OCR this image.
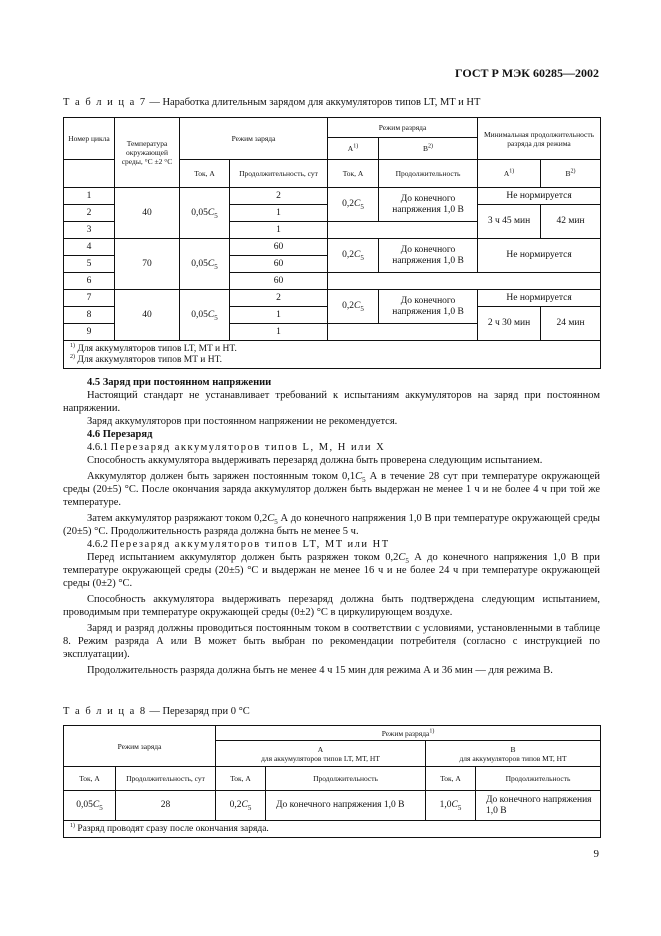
ГОСТ Р МЭК 60285—2002
Т а б л и ц а 7 — Наработка длительным зарядом для аккумуляторов типов LT, MT и HT
Номер цикла	Температура окружающей среды, °С ±2 °С	Режим заряда		Режим разряда		Минимальная продолжительность разряда для режима	
				$А^{1)}$	$В^{2)}$
		Ток, А	Продолжительность, сут	Ток, А	Продолжительность	$А^{1)}$	$В^{2)}$
1	40	$0,05C_5$	2	$0,2C_5$	До конечного напряжения 1,0 В	Не нормируется	
2			1			3 ч 45 мин	42 мин
3			1				
4	70	$0,05C_5$	60	$0,2C_5$	До конечного напряжения 1,0 В	Не нормируется	
5			60				
6			60				
7	40	$0,05C_5$	2	$0,2C_5$	До конечного напряжения 1,0 В	Не нормируется	
8			1			2 ч 30 мин	24 мин
9			1				
$^{1)}$ Для аккумуляторов типов LT, MT и HT.
$^{2)}$ Для аккумуляторов типов MT и HT.							
4.5 Заряд при постоянном напряжении

Настоящий стандарт не устанавливает требований к испытаниям аккумуляторов на заряд при постоянном напряжении.

Заряд аккумуляторов при постоянном напряжении не рекомендуется.

4.6 Перезаряд

4.6.1 Перезаряд аккумуляторов типов L, M, H или X

Способность аккумулятора выдерживать перезаряд должна быть проверена следующим испытанием.

Аккумулятор должен быть заряжен постоянным током $0,1C_5$ А в течение 28 сут при температуре окружающей среды (20±5) °С. После окончания заряда аккумулятор должен быть выдержан не менее 1 ч и не более 4 ч при той же температуре.

Затем аккумулятор разряжают током $0,2C_5$ А до конечного напряжения 1,0 В при температуре окружающей среды (20±5) °С. Продолжительность разряда должна быть не менее 5 ч.

4.6.2 Перезаряд аккумуляторов типов LT, MT или HT

Перед испытанием аккумулятор должен быть разряжен током $0,2C_5$ А до конечного напряжения 1,0 В при температуре окружающей среды (20±5) °С и выдержан не менее 16 ч и не более 24 ч при температуре окружающей среды (0±2) °С.

Способность аккумулятора выдерживать перезаряд должна быть подтверждена следующим испытанием, проводимым при температуре окружающей среды (0±2) °С в циркулирующем воздухе.

Заряд и разряд должны проводиться постоянным током в соответствии с условиями, установленными в таблице 8. Режим разряда А или В может быть выбран по рекомендации потребителя (согласно с инструкцией по эксплуатации).

Продолжительность разряда должна быть не менее 4 ч 15 мин для режима А и 36 мин — для режима В.

Т а б л и ц а 8 — Перезаряд при 0 °С
Режим заряда		Режим разряда$^{1)}$
		А
для аккумуляторов типов LT, MT, HT		В
для аккумуляторов типов MT, HT	
Ток, А	Продолжительность, сут	Ток, А	Продолжительность	Ток, А	Продолжительность
$0,05C_5$	28	$0,2C_5$	До конечного напряжения 1,0 В	$1,0C_5$	До конечного напряжения 1,0 В
$^{1)}$ Разряд проводят сразу после окончания заряда.					
9
